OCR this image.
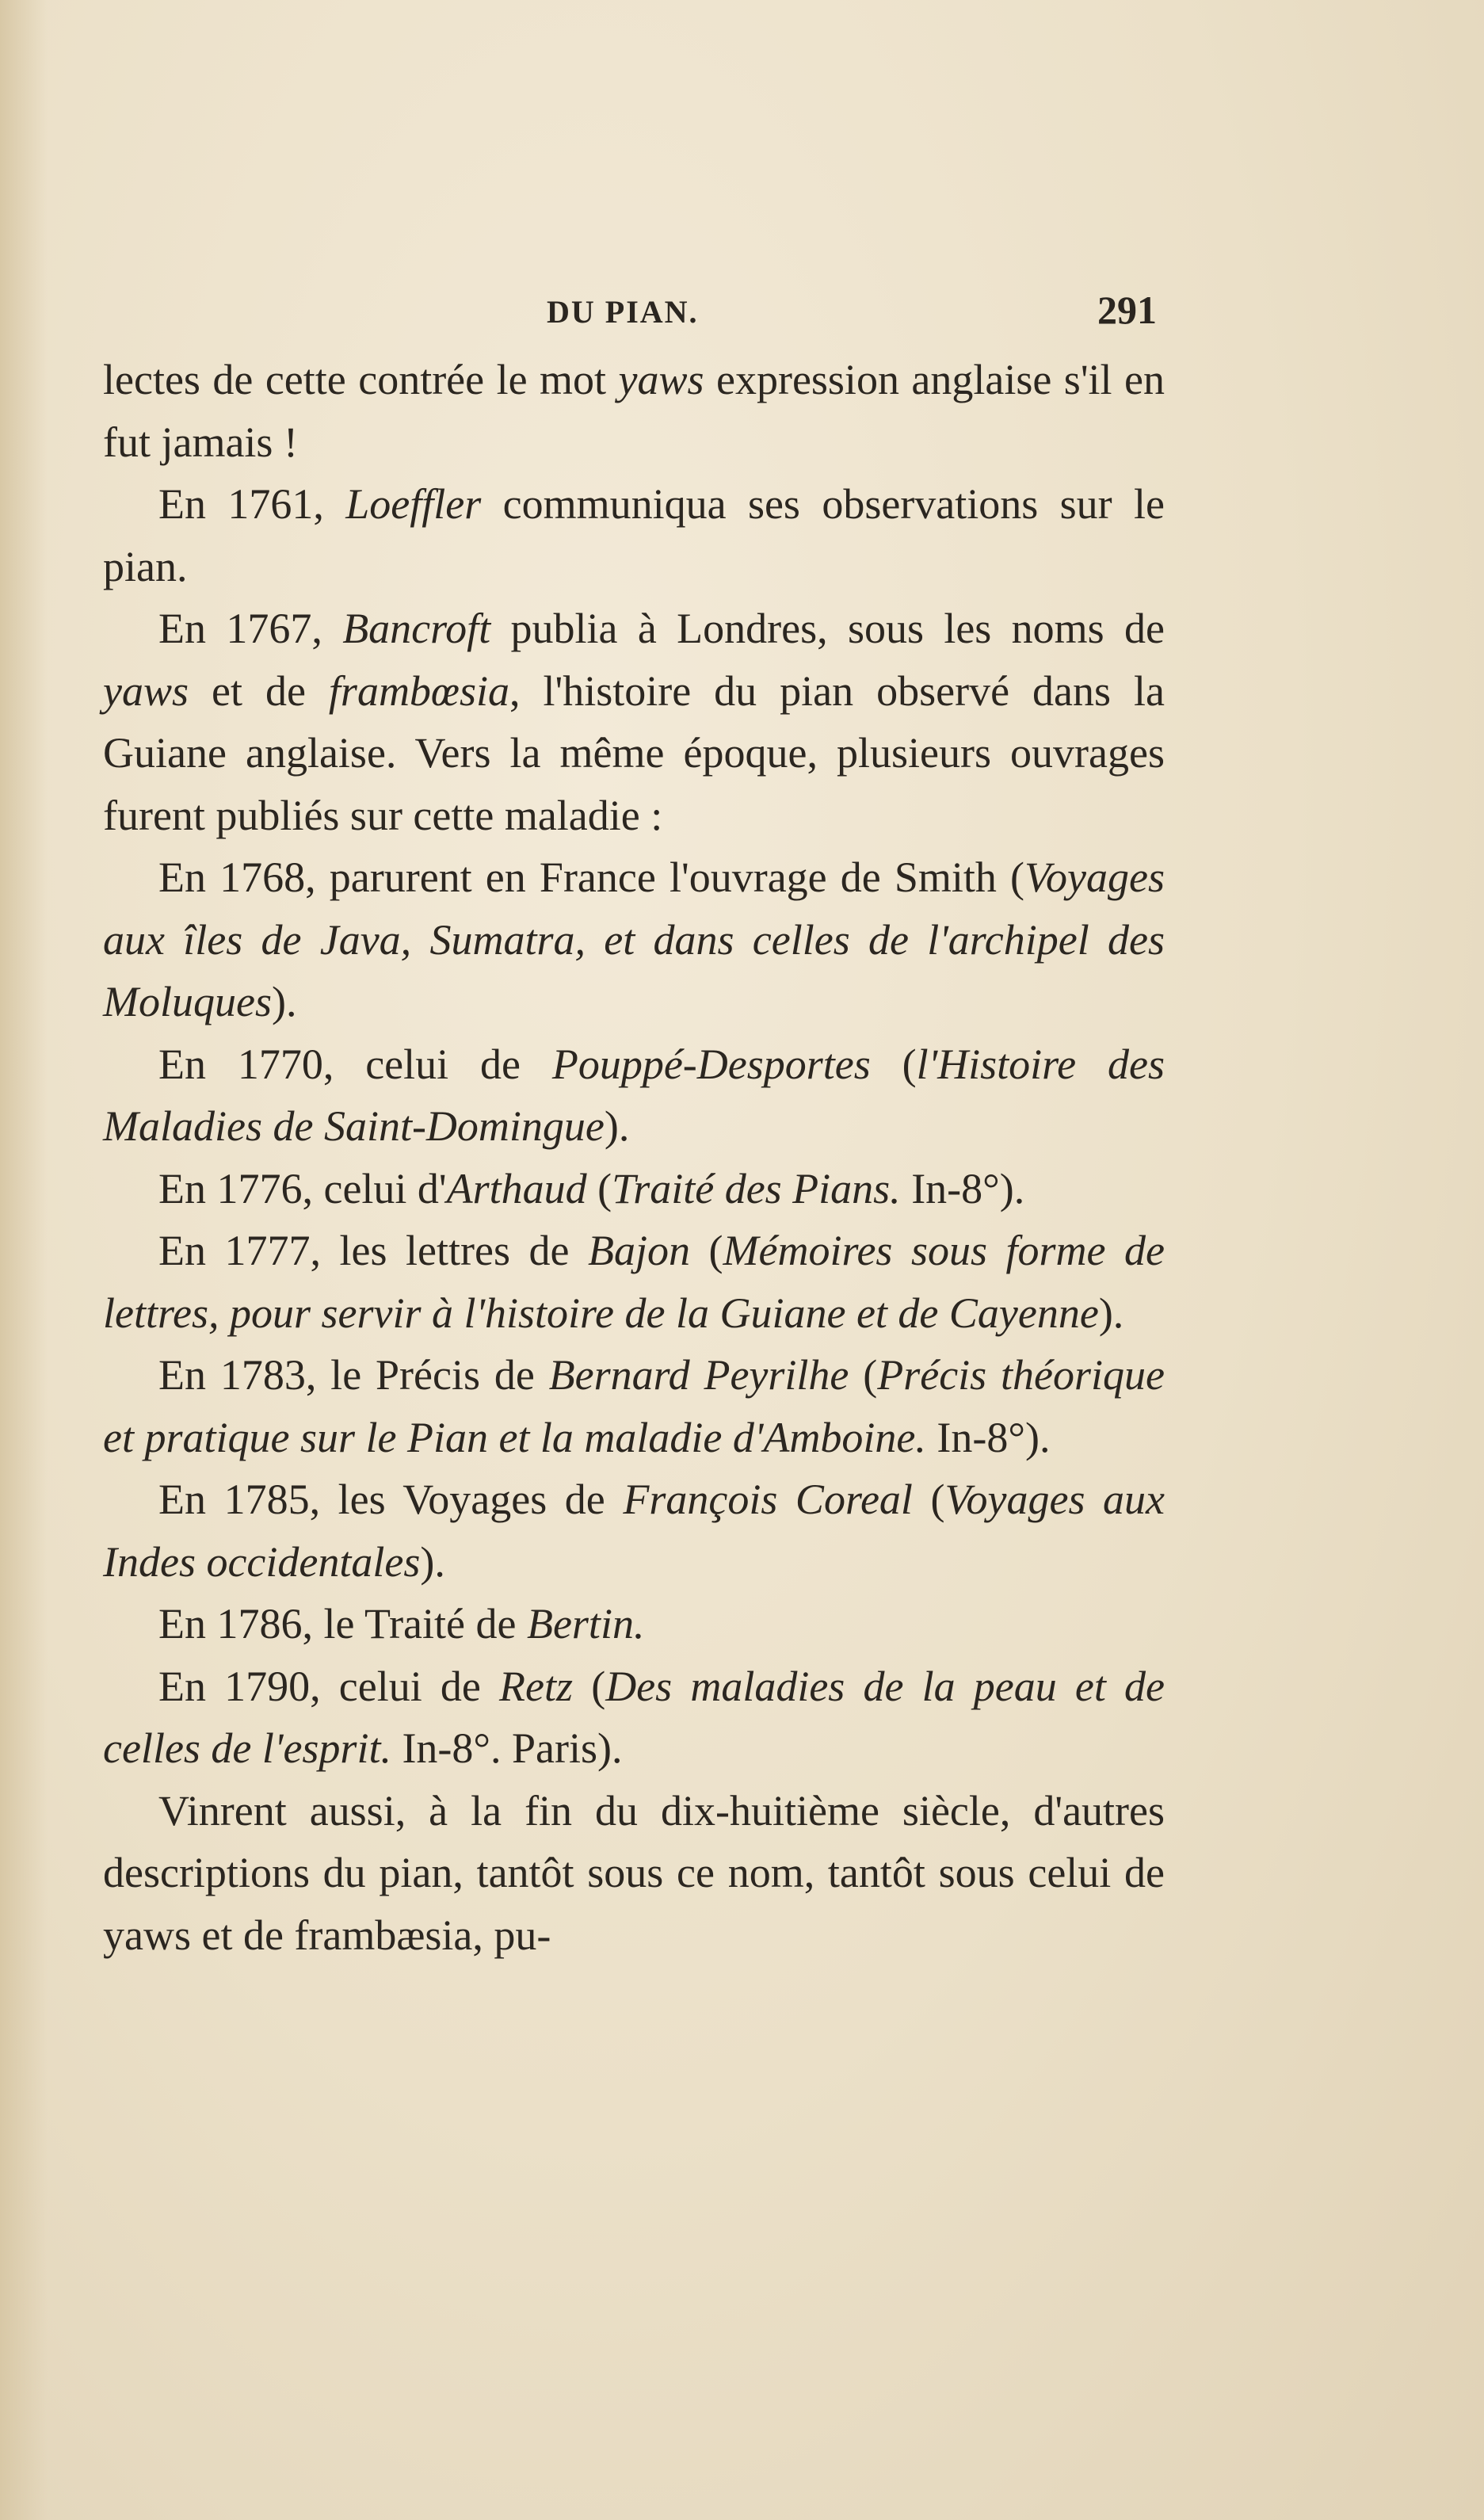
DU PIAN.	291

lectes de cette contrée le mot yaws expression anglaise s'il en fut jamais !

En 1761, Loeffler communiqua ses observations sur le pian.

En 1767, Bancroft publia à Londres, sous les noms de yaws et de frambœsia, l'histoire du pian observé dans la Guiane anglaise. Vers la même époque, plusieurs ouvrages furent publiés sur cette maladie :

En 1768, parurent en France l'ouvrage de Smith (Voyages aux îles de Java, Sumatra, et dans celles de l'archipel des Moluques).

En 1770, celui de Pouppé-Desportes (l'Histoire des Maladies de Saint-Domingue).

En 1776, celui d'Arthaud (Traité des Pians. In-8°).

En 1777, les lettres de Bajon (Mémoires sous forme de lettres, pour servir à l'histoire de la Guiane et de Cayenne).

En 1783, le Précis de Bernard Peyrilhe (Précis théorique et pratique sur le Pian et la maladie d'Amboine. In-8°).

En 1785, les Voyages de François Coreal (Voyages aux Indes occidentales).

En 1786, le Traité de Bertin.

En 1790, celui de Retz (Des maladies de la peau et de celles de l'esprit. In-8°. Paris).

Vinrent aussi, à la fin du dix-huitième siècle, d'autres descriptions du pian, tantôt sous ce nom, tantôt sous celui de yaws et de frambæsia, pu-
